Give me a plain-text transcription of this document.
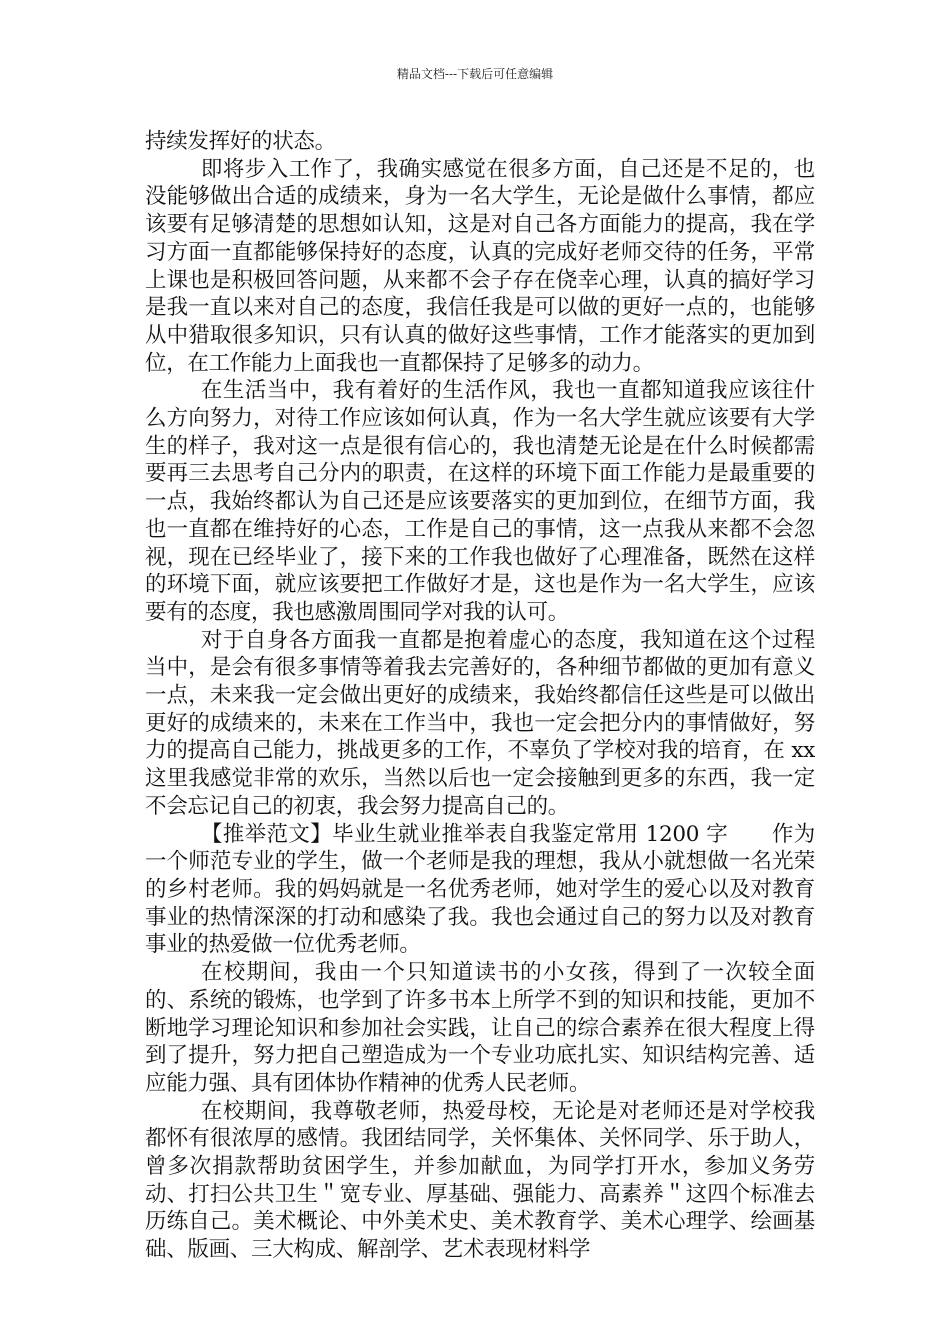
精品文档---下载后可任意编辑

持续发挥好的状态。

即将步入工作了，我确实感觉在很多方面，自己还是不足的，也没能够做出合适的成绩来，身为一名大学生，无论是做什么事情，都应该要有足够清楚的思想如认知，这是对自己各方面能力的提高，我在学习方面一直都能够保持好的态度，认真的完成好老师交待的任务，平常上课也是积极回答问题，从来都不会子存在侥幸心理，认真的搞好学习是我一直以来对自己的态度，我信任我是可以做的更好一点的，也能够从中猎取很多知识，只有认真的做好这些事情，工作才能落实的更加到位，在工作能力上面我也一直都保持了足够多的动力。

在生活当中，我有着好的生活作风，我也一直都知道我应该往什么方向努力，对待工作应该如何认真，作为一名大学生就应该要有大学生的样子，我对这一点是很有信心的，我也清楚无论是在什么时候都需要再三去思考自己分内的职责，在这样的环境下面工作能力是最重要的一点，我始终都认为自己还是应该要落实的更加到位，在细节方面，我也一直都在维持好的心态，工作是自己的事情，这一点我从来都不会忽视，现在已经毕业了，接下来的工作我也做好了心理准备，既然在这样的环境下面，就应该要把工作做好才是，这也是作为一名大学生，应该要有的态度，我也感激周围同学对我的认可。

对于自身各方面我一直都是抱着虚心的态度，我知道在这个过程当中，是会有很多事情等着我去完善好的，各种细节都做的更加有意义一点，未来我一定会做出更好的成绩来，我始终都信任这些是可以做出更好的成绩来的，未来在工作当中，我也一定会把分内的事情做好，努力的提高自己能力，挑战更多的工作，不辜负了学校对我的培育，在 xx 这里我感觉非常的欢乐，当然以后也一定会接触到更多的东西，我一定不会忘记自己的初衷，我会努力提高自己的。

【推举范文】毕业生就业推举表自我鉴定常用 1200 字　　作为一个师范专业的学生，做一个老师是我的理想，我从小就想做一名光荣的乡村老师。我的妈妈就是一名优秀老师，她对学生的爱心以及对教育事业的热情深深的打动和感染了我。我也会通过自己的努力以及对教育事业的热爱做一位优秀老师。

在校期间，我由一个只知道读书的小女孩，得到了一次较全面的、系统的锻炼，也学到了许多书本上所学不到的知识和技能，更加不断地学习理论知识和参加社会实践，让自己的综合素养在很大程度上得到了提升，努力把自己塑造成为一个专业功底扎实、知识结构完善、适应能力强、具有团体协作精神的优秀人民老师。

在校期间，我尊敬老师，热爱母校，无论是对老师还是对学校我都怀有很浓厚的感情。我团结同学，关怀集体、关怀同学、乐于助人，曾多次捐款帮助贫困学生，并参加献血，为同学打开水，参加义务劳动、打扫公共卫生＂宽专业、厚基础、强能力、高素养＂这四个标准去历练自己。美术概论、中外美术史、美术教育学、美术心理学、绘画基础、版画、三大构成、解剖学、艺术表现材料学
